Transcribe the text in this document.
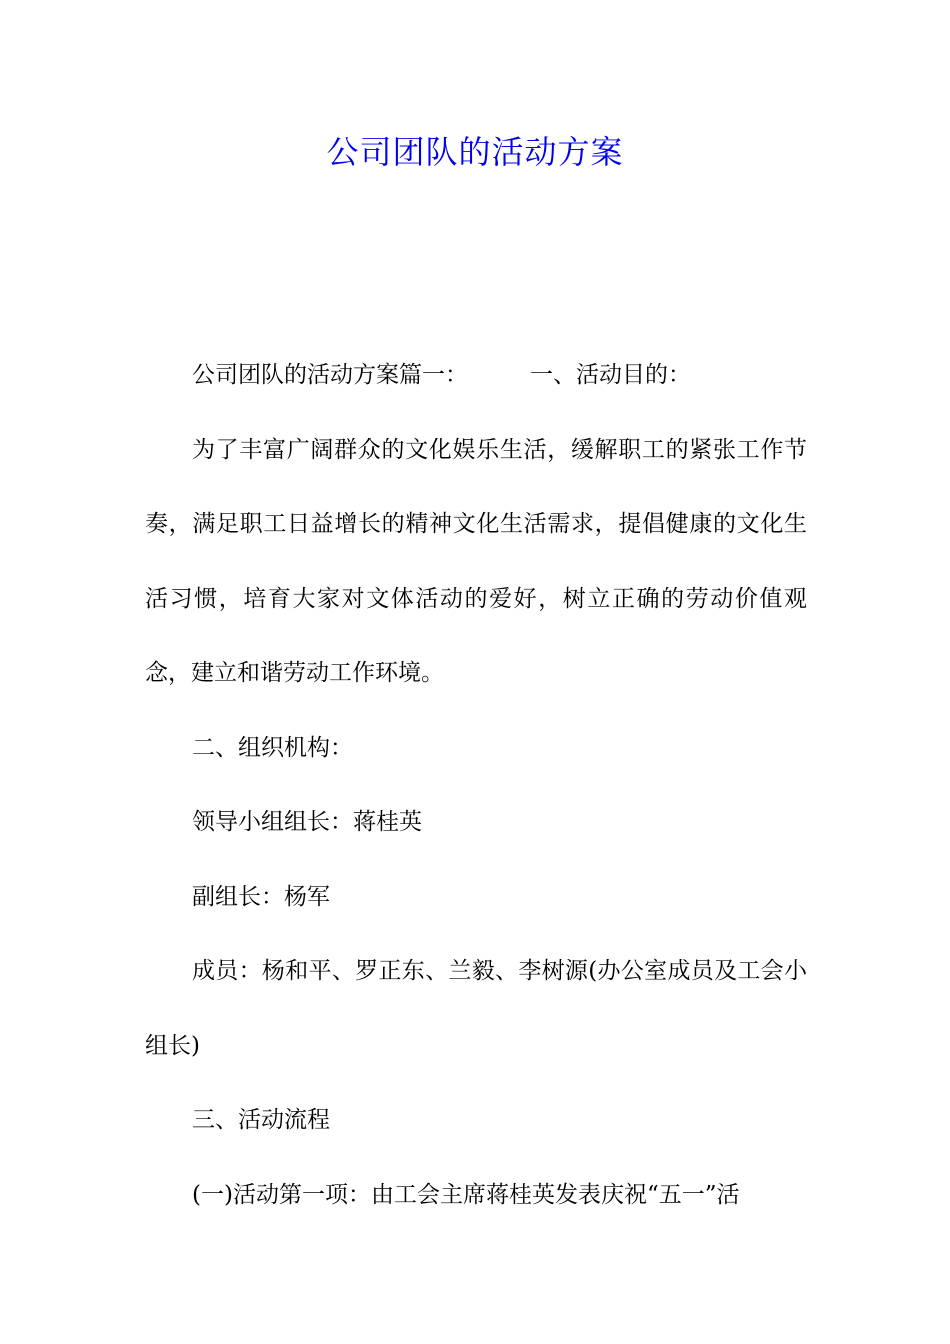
公司团队的活动方案

公司团队的活动方案篇一：	一、活动目的：

为了丰富广阔群众的文化娱乐生活，缓解职工的紧张工作节奏，满足职工日益增长的精神文化生活需求，提倡健康的文化生活习惯，培育大家对文体活动的爱好，树立正确的劳动价值观念，建立和谐劳动工作环境。

二、组织机构：

领导小组组长：蒋桂英

副组长：杨军

成员：杨和平、罗正东、兰毅、李树源(办公室成员及工会小组长)

三、活动流程

(一)活动第一项：由工会主席蒋桂英发表庆祝“五一”活
